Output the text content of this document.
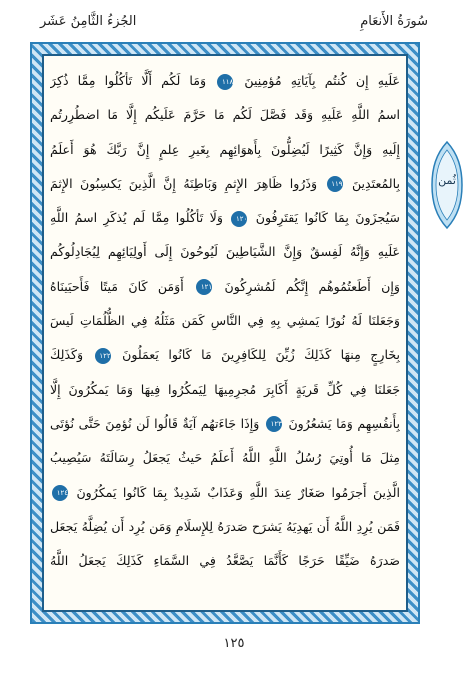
الجُزءُ الثَّامِنُ عَشَر	سُورَةُ الأَنعَامِ
عَلَيهِ إِن كُنتُم بِآيَاتِهِ مُؤمِنِينَ ١١٨ وَمَا لَكُم أَلَّا تَأكُلُوا مِمَّا ذُكِرَ
اسمُ اللَّهِ عَلَيهِ وَقَد فَصَّلَ لَكُم مَا حَرَّمَ عَلَيكُم إِلَّا مَا اضطُرِرتُم
إِلَيهِ وَإِنَّ كَثِيرًا لَيُضِلُّونَ بِأَهوَائِهِم بِغَيرِ عِلمٍ إِنَّ رَبَّكَ هُوَ أَعلَمُ
بِالمُعتَدِينَ ١١٩ وَذَرُوا ظَاهِرَ الإِثمِ وَبَاطِنَهُ إِنَّ الَّذِينَ يَكسِبُونَ الإِثمَ
سَيُجزَونَ بِمَا كَانُوا يَقتَرِفُونَ ١٢٠ وَلَا تَأكُلُوا مِمَّا لَم يُذكَرِ اسمُ اللَّهِ
عَلَيهِ وَإِنَّهُ لَفِسقٌ وَإِنَّ الشَّيَاطِينَ لَيُوحُونَ إِلَى أَولِيَائِهِم لِيُجَادِلُوكُم
وَإِن أَطَعتُمُوهُم إِنَّكُم لَمُشرِكُونَ ١٢١ أَوَمَن كَانَ مَيتًا فَأَحيَينَاهُ
وَجَعَلنَا لَهُ نُورًا يَمشِي بِهِ فِي النَّاسِ كَمَن مَثَلُهُ فِي الظُّلُمَاتِ لَيسَ
بِخَارِجٍ مِنهَا كَذَلِكَ زُيِّنَ لِلكَافِرِينَ مَا كَانُوا يَعمَلُونَ ١٢٢ وَكَذَلِكَ
جَعَلنَا فِي كُلِّ قَريَةٍ أَكَابِرَ مُجرِمِيهَا لِيَمكُرُوا فِيهَا وَمَا يَمكُرُونَ إِلَّا
بِأَنفُسِهِم وَمَا يَشعُرُونَ ١٢٣ وَإِذَا جَاءَتهُم آيَةٌ قَالُوا لَن نُؤمِنَ حَتَّى نُؤتَى
مِثلَ مَا أُوتِيَ رُسُلُ اللَّهِ اللَّهُ أَعلَمُ حَيثُ يَجعَلُ رِسَالَتَهُ سَيُصِيبُ
الَّذِينَ أَجرَمُوا صَغَارٌ عِندَ اللَّهِ وَعَذَابٌ شَدِيدٌ بِمَا كَانُوا يَمكُرُونَ ١٢٤
فَمَن يُرِدِ اللَّهُ أَن يَهدِيَهُ يَشرَح صَدرَهُ لِلإِسلَامِ وَمَن يُرِد أَن يُضِلَّهُ يَجعَل
صَدرَهُ ضَيِّقًا حَرَجًا كَأَنَّمَا يَصَّعَّدُ فِي السَّمَاءِ كَذَلِكَ يَجعَلُ اللَّهُ
ثُمن
١٢٥
